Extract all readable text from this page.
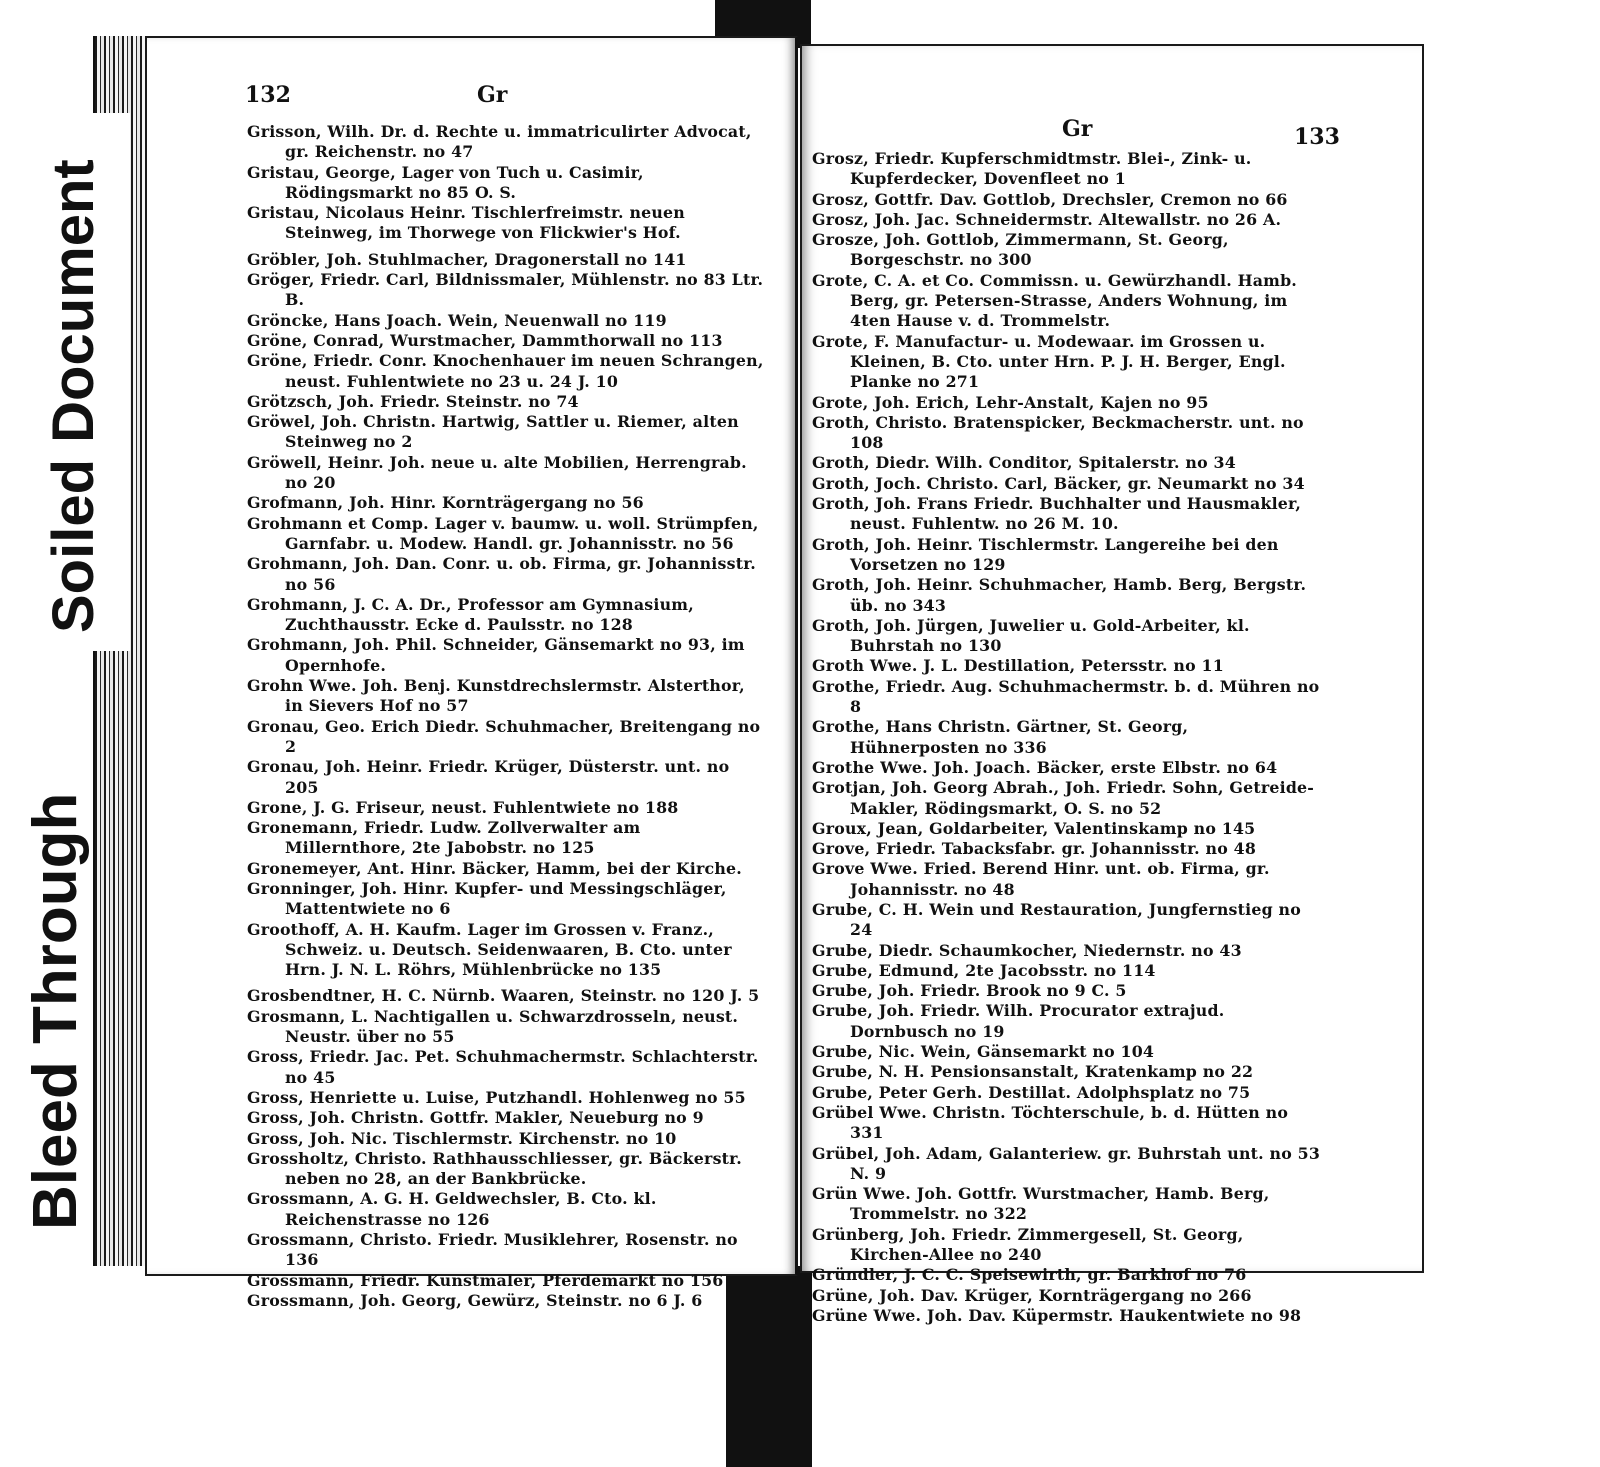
132	Gr
Grisson, Wilh. Dr. d. Rechte u. immatriculirter Advocat, gr. Reichenstr. no 47
Gristau, George, Lager von Tuch u. Casimir, Rödingsmarkt no 85 O. S.
Gristau, Nicolaus Heinr. Tischlerfreimstr. neuen Steinweg, im Thorwege von Flickwier's Hof.
Gröbler, Joh. Stuhlmacher, Dragonerstall no 141
Gröger, Friedr. Carl, Bildnissmaler, Mühlenstr. no 83 Ltr. B.
Gröncke, Hans Joach. Wein, Neuenwall no 119
Gröne, Conrad, Wurstmacher, Dammthorwall no 113
Gröne, Friedr. Conr. Knochenhauer im neuen Schrangen, neust. Fuhlentwiete no 23 u. 24 J. 10
Grötzsch, Joh. Friedr. Steinstr. no 74
Gröwel, Joh. Christn. Hartwig, Sattler u. Riemer, alten Steinweg no 2
Gröwell, Heinr. Joh. neue u. alte Mobilien, Herrengrab. no 20
Grofmann, Joh. Hinr. Kornträgergang no 56
Grohmann et Comp. Lager v. baumw. u. woll. Strümpfen, Garnfabr. u. Modew. Handl. gr. Johannisstr. no 56
Grohmann, Joh. Dan. Conr. u. ob. Firma, gr. Johannisstr. no 56
Grohmann, J. C. A. Dr., Professor am Gymnasium, Zuchthausstr. Ecke d. Paulsstr. no 128
Grohmann, Joh. Phil. Schneider, Gänsemarkt no 93, im Opernhofe.
Grohn Wwe. Joh. Benj. Kunstdrechslermstr. Alsterthor, in Sievers Hof no 57
Gronau, Geo. Erich Diedr. Schuhmacher, Breitengang no 2
Gronau, Joh. Heinr. Friedr. Krüger, Düsterstr. unt. no 205
Grone, J. G. Friseur, neust. Fuhlentwiete no 188
Gronemann, Friedr. Ludw. Zollverwalter am Millernthore, 2te Jabobstr. no 125
Gronemeyer, Ant. Hinr. Bäcker, Hamm, bei der Kirche.
Gronninger, Joh. Hinr. Kupfer- und Messingschläger, Mattentwiete no 6
Groothoff, A. H. Kaufm. Lager im Grossen v. Franz., Schweiz. u. Deutsch. Seidenwaaren, B. Cto. unter Hrn. J. N. L. Röhrs, Mühlenbrücke no 135
Grosbendtner, H. C. Nürnb. Waaren, Steinstr. no 120 J. 5
Grosmann, L. Nachtigallen u. Schwarzdrosseln, neust. Neustr. über no 55
Gross, Friedr. Jac. Pet. Schuhmachermstr. Schlachterstr. no 45
Gross, Henriette u. Luise, Putzhandl. Hohlenweg no 55
Gross, Joh. Christn. Gottfr. Makler, Neueburg no 9
Gross, Joh. Nic. Tischlermstr. Kirchenstr. no 10
Grossholtz, Christo. Rathhausschliesser, gr. Bäckerstr. neben no 28, an der Bankbrücke.
Grossmann, A. G. H. Geldwechsler, B. Cto. kl. Reichenstrasse no 126
Grossmann, Christo. Friedr. Musiklehrer, Rosenstr. no 136
Grossmann, Friedr. Kunstmaler, Pferdemarkt no 156
Grossmann, Joh. Georg, Gewürz, Steinstr. no 6 J. 6
Gr	133
Grosz, Friedr. Kupferschmidtmstr. Blei-, Zink- u. Kupferdecker, Dovenfleet no 1
Grosz, Gottfr. Dav. Gottlob, Drechsler, Cremon no 66
Grosz, Joh. Jac. Schneidermstr. Altewallstr. no 26 A.
Grosze, Joh. Gottlob, Zimmermann, St. Georg, Borgeschstr. no 300
Grote, C. A. et Co. Commissn. u. Gewürzhandl. Hamb. Berg, gr. Petersen-Strasse, Anders Wohnung, im 4ten Hause v. d. Trommelstr.
Grote, F. Manufactur- u. Modewaar. im Grossen u. Kleinen, B. Cto. unter Hrn. P. J. H. Berger, Engl. Planke no 271
Grote, Joh. Erich, Lehr-Anstalt, Kajen no 95
Groth, Christo. Bratenspicker, Beckmacherstr. unt. no 108
Groth, Diedr. Wilh. Conditor, Spitalerstr. no 34
Groth, Joch. Christo. Carl, Bäcker, gr. Neumarkt no 34
Groth, Joh. Frans Friedr. Buchhalter und Hausmakler, neust. Fuhlentw. no 26 M. 10.
Groth, Joh. Heinr. Tischlermstr. Langereihe bei den Vorsetzen no 129
Groth, Joh. Heinr. Schuhmacher, Hamb. Berg, Bergstr. üb. no 343
Groth, Joh. Jürgen, Juwelier u. Gold-Arbeiter, kl. Buhrstah no 130
Groth Wwe. J. L. Destillation, Petersstr. no 11
Grothe, Friedr. Aug. Schuhmachermstr. b. d. Mühren no 8
Grothe, Hans Christn. Gärtner, St. Georg, Hühnerposten no 336
Grothe Wwe. Joh. Joach. Bäcker, erste Elbstr. no 64
Grotjan, Joh. Georg Abrah., Joh. Friedr. Sohn, Getreide-Makler, Rödingsmarkt, O. S. no 52
Groux, Jean, Goldarbeiter, Valentinskamp no 145
Grove, Friedr. Tabacksfabr. gr. Johannisstr. no 48
Grove Wwe. Fried. Berend Hinr. unt. ob. Firma, gr. Johannisstr. no 48
Grube, C. H. Wein und Restauration, Jungfernstieg no 24
Grube, Diedr. Schaumkocher, Niedernstr. no 43
Grube, Edmund, 2te Jacobsstr. no 114
Grube, Joh. Friedr. Brook no 9 C. 5
Grube, Joh. Friedr. Wilh. Procurator extrajud. Dornbusch no 19
Grube, Nic. Wein, Gänsemarkt no 104
Grube, N. H. Pensionsanstalt, Kratenkamp no 22
Grube, Peter Gerh. Destillat. Adolphsplatz no 75
Grübel Wwe. Christn. Töchterschule, b. d. Hütten no 331
Grübel, Joh. Adam, Galanteriew. gr. Buhrstah unt. no 53 N. 9
Grün Wwe. Joh. Gottfr. Wurstmacher, Hamb. Berg, Trommelstr. no 322
Grünberg, Joh. Friedr. Zimmergesell, St. Georg, Kirchen-Allee no 240
Gründler, J. C. C. Speisewirth, gr. Barkhof no 76
Grüne, Joh. Dav. Krüger, Kornträgergang no 266
Grüne Wwe. Joh. Dav. Küpermstr. Haukentwiete no 98
Soiled Document
Bleed Through
